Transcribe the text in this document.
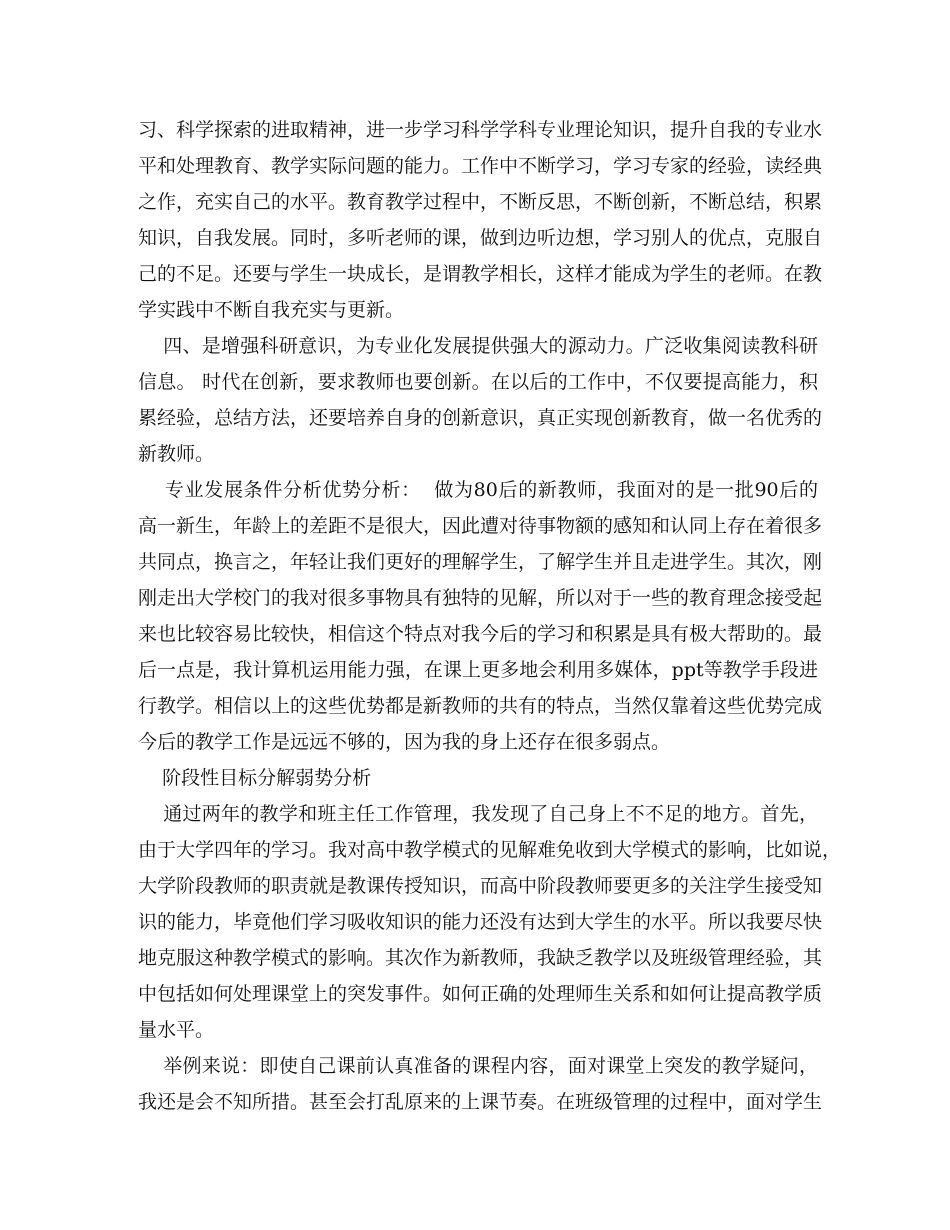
习、科学探索的进取精神，进一步学习科学学科专业理论知识，提升自我的专业水
平和处理教育、教学实际问题的能力。工作中不断学习，学习专家的经验，读经典
之作，充实自己的水平。教育教学过程中，不断反思，不断创新，不断总结，积累
知识，自我发展。同时，多听老师的课，做到边听边想，学习别人的优点，克服自
己的不足。还要与学生一块成长，是谓教学相长，这样才能成为学生的老师。在教
学实践中不断自我充实与更新。
四、是增强科研意识，为专业化发展提供强大的源动力。广泛收集阅读教科研
信息。 时代在创新，要求教师也要创新。在以后的工作中，不仅要提高能力，积
累经验，总结方法，还要培养自身的创新意识，真正实现创新教育，做一名优秀的
新教师。
专业发展条件分析优势分析：  做为80后的新教师，我面对的是一批90后的
高一新生，年龄上的差距不是很大，因此遭对待事物额的感知和认同上存在着很多
共同点，换言之，年轻让我们更好的理解学生，了解学生并且走进学生。其次，刚
刚走出大学校门的我对很多事物具有独特的见解，所以对于一些的教育理念接受起
来也比较容易比较快，相信这个特点对我今后的学习和积累是具有极大帮助的。最
后一点是，我计算机运用能力强，在课上更多地会利用多媒体，ppt等教学手段进
行教学。相信以上的这些优势都是新教师的共有的特点，当然仅靠着这些优势完成
今后的教学工作是远远不够的，因为我的身上还存在很多弱点。
阶段性目标分解弱势分析
通过两年的教学和班主任工作管理，我发现了自己身上不不足的地方。首先，
由于大学四年的学习。我对高中教学模式的见解难免收到大学模式的影响，比如说，
大学阶段教师的职责就是教课传授知识，而高中阶段教师要更多的关注学生接受知
识的能力，毕竟他们学习吸收知识的能力还没有达到大学生的水平。所以我要尽快
地克服这种教学模式的影响。其次作为新教师，我缺乏教学以及班级管理经验，其
中包括如何处理课堂上的突发事件。如何正确的处理师生关系和如何让提高教学质
量水平。
举例来说：即使自己课前认真准备的课程内容，面对课堂上突发的教学疑问，
我还是会不知所措。甚至会打乱原来的上课节奏。在班级管理的过程中，面对学生
